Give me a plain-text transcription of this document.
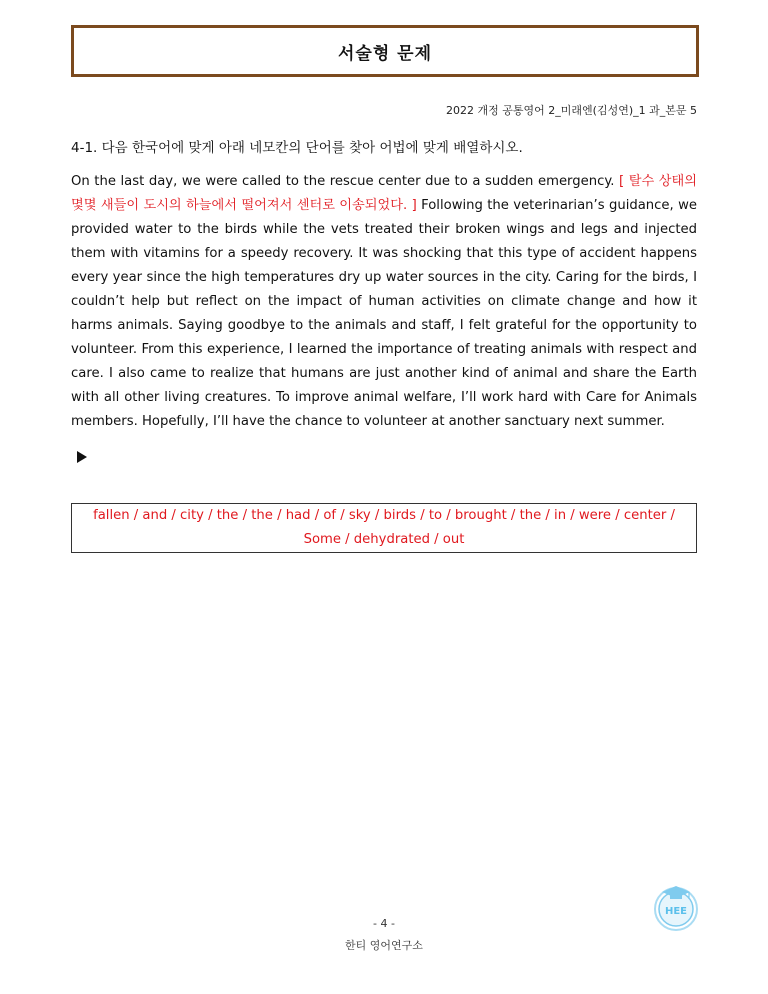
서술형 문제
2022 개정 공통영어 2_미래엔(김성연)_1 과_본문 5
4-1. 다음 한국어에 맞게 아래 네모칸의 단어를 찾아 어법에 맞게 배열하시오.
On the last day, we were called to the rescue center due to a sudden emergency. [ 탈수 상태의 몇몇 새들이 도시의 하늘에서 떨어져서 센터로 이송되었다. ] Following the veterinarian’s guidance, we provided water to the birds while the vets treated their broken wings and legs and injected them with vitamins for a speedy recovery. It was shocking that this type of accident happens every year since the high temperatures dry up water sources in the city. Caring for the birds, I couldn’t help but reflect on the impact of human activities on climate change and how it harms animals. Saying goodbye to the animals and staff, I felt grateful for the opportunity to volunteer. From this experience, I learned the importance of treating animals with respect and care. I also came to realize that humans are just another kind of animal and share the Earth with all other living creatures. To improve animal welfare, I’ll work hard with Care for Animals members. Hopefully, I’ll have the chance to volunteer at another sanctuary next summer.
fallen / and / city / the / the / had / of / sky / birds / to / brought / the / in / were / center / Some / dehydrated / out
- 4 -
한티 영어연구소
HEE
